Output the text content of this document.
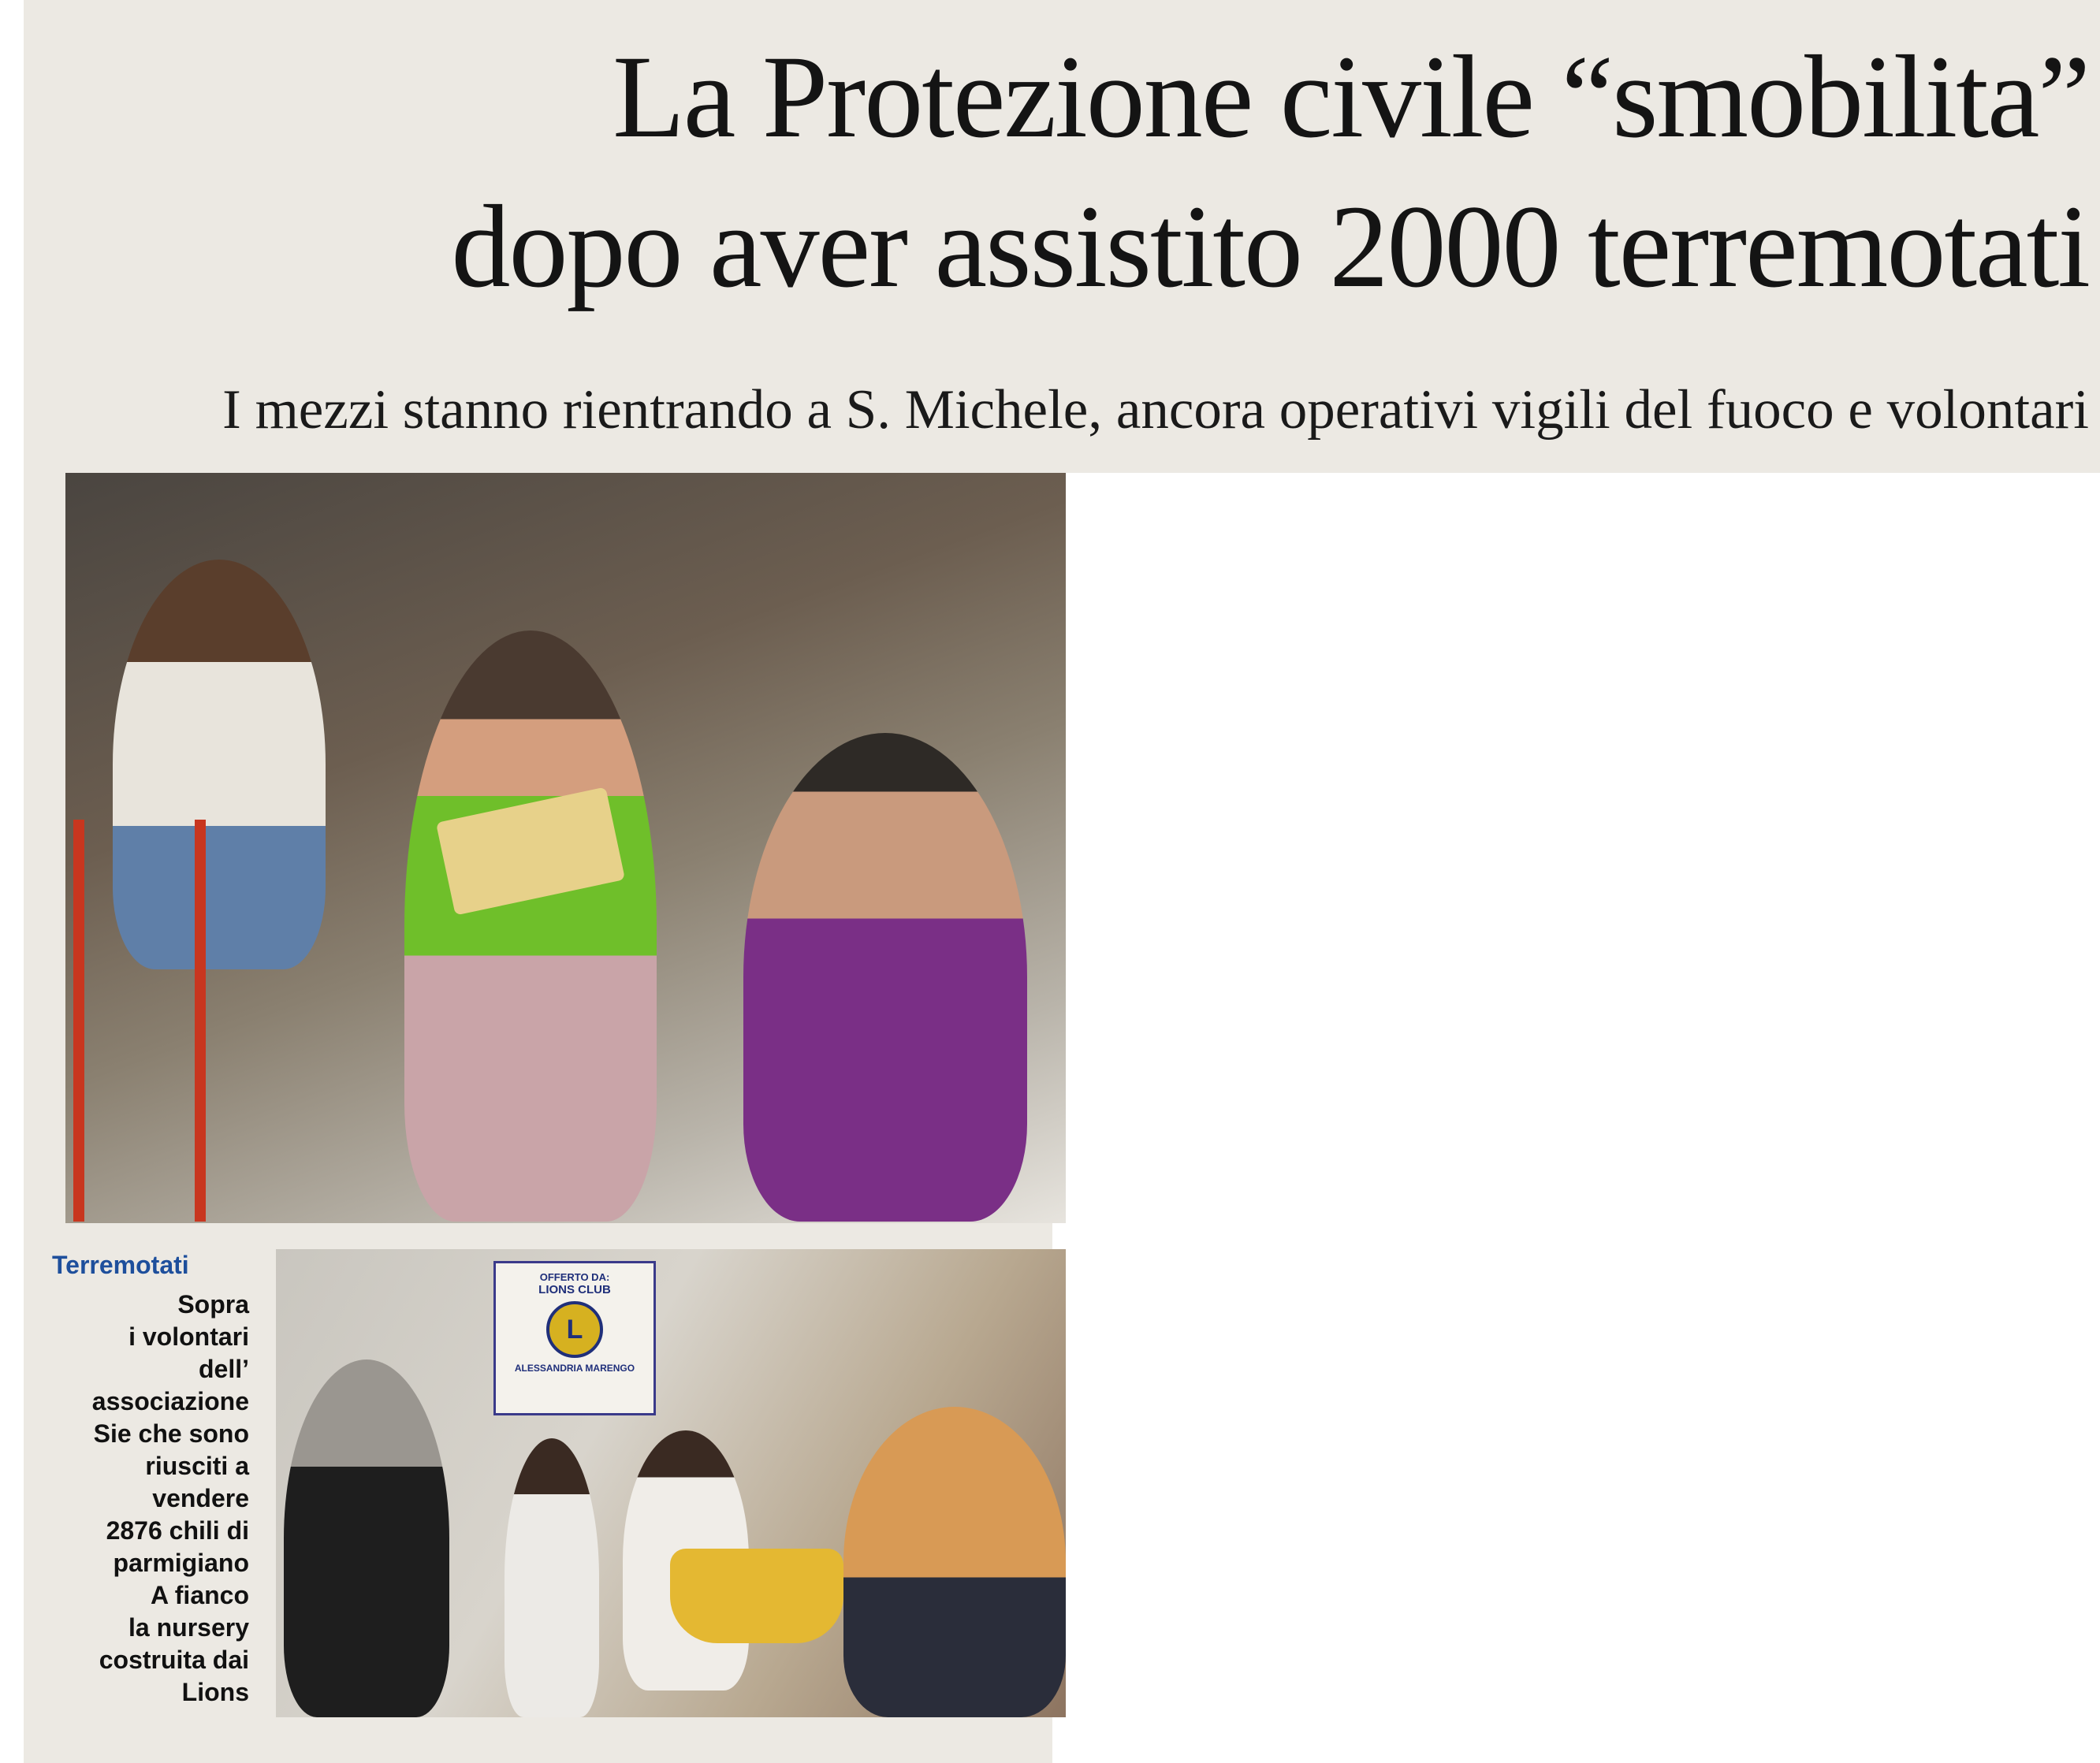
La Protezione civile “smobilita”
dopo aver assistito 2000 terremotati

I mezzi stanno rientrando a S. Michele, ancora operativi vigili del fuoco e volontari

Terremotati

Sopra
i volontari
dell’
associazione
Sie che sono
riusciti a
vendere
2876 chili di
parmigiano
A fianco
la nursery
costruita dai
Lions

OFFERTO DA:
LIONS CLUB
L
ALESSANDRIA MARENGO
